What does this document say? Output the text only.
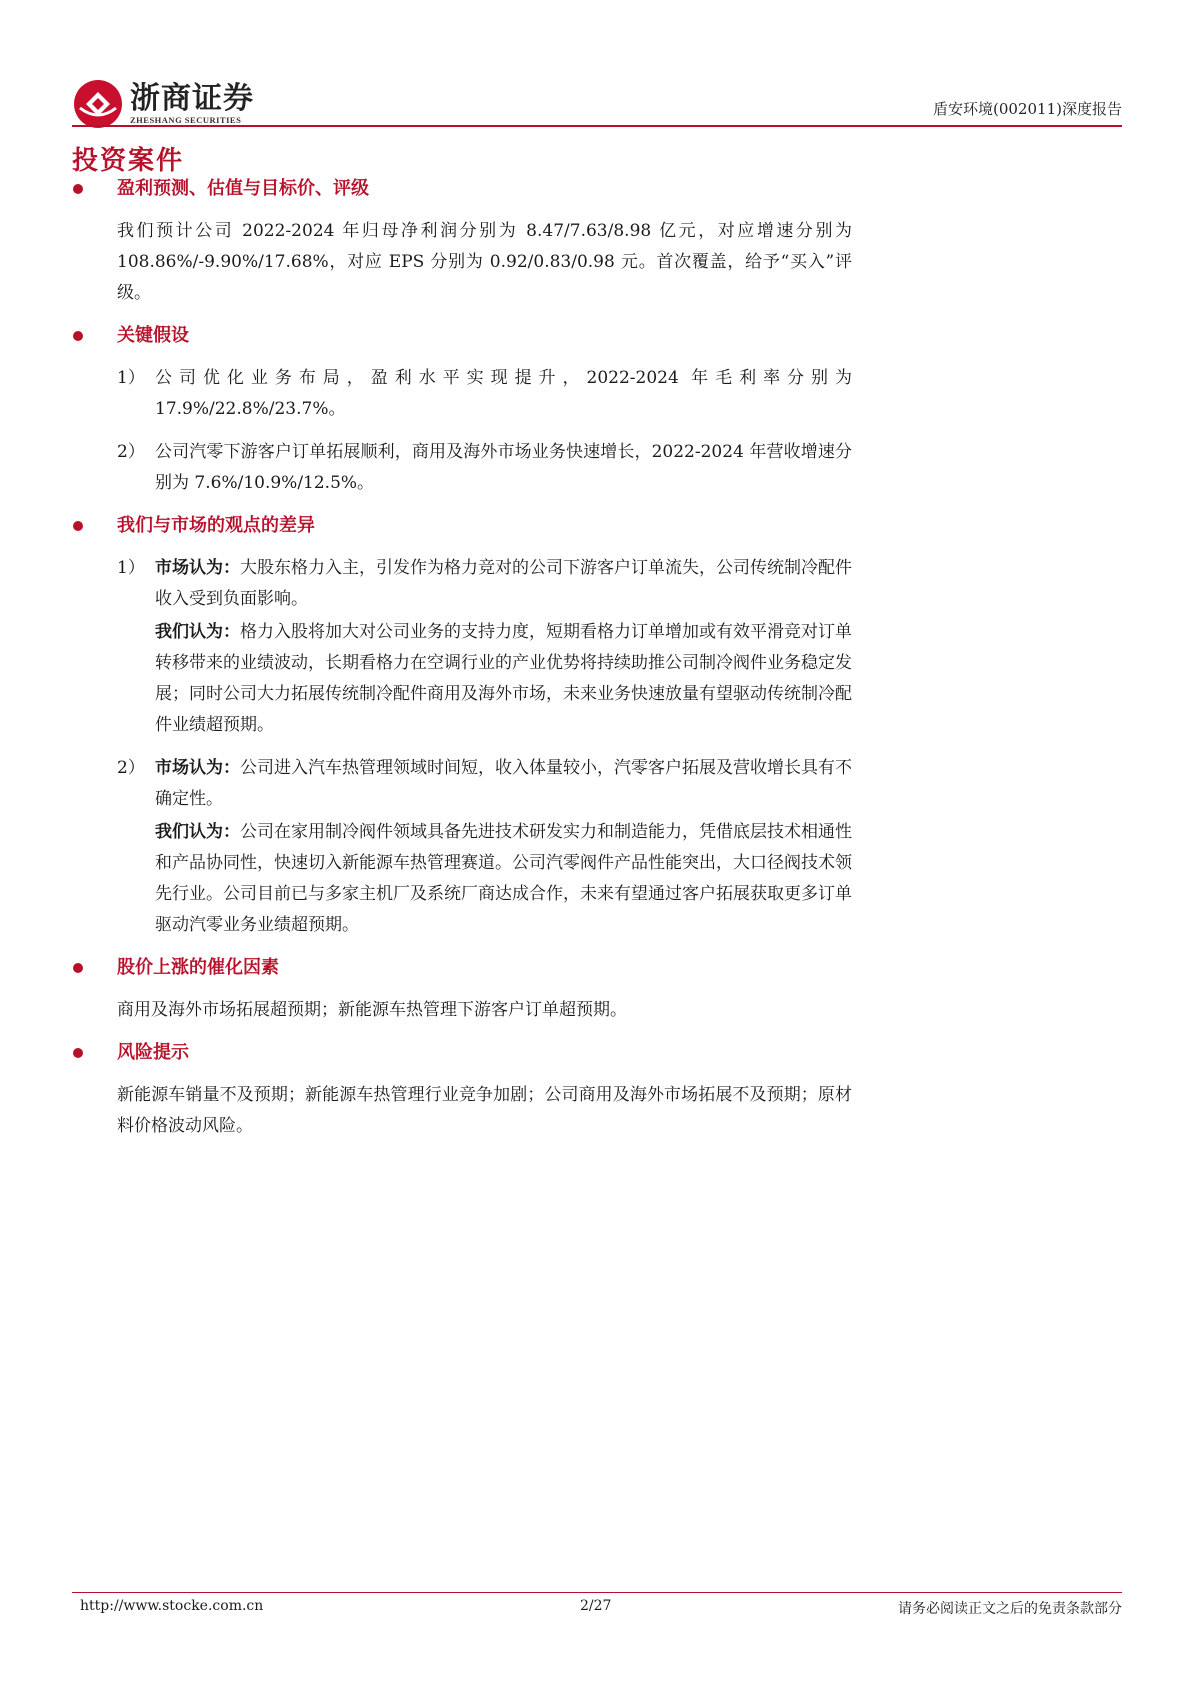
浙商证券
ZHESHANG SECURITIES
盾安环境(002011)深度报告
投资案件
盈利预测、估值与目标价、评级
我们预计公司 2022-2024 年归母净利润分别为 8.47/7.63/8.98 亿元，对应增速分别为 108.86%/-9.90%/17.68%，对应 EPS 分别为 0.92/0.83/0.98 元。首次覆盖，给予“买入”评级。
关键假设
1） 公司优化业务布局，盈利水平实现提升，2022-2024 年毛利率分别为 17.9%/22.8%/23.7%。
2） 公司汽零下游客户订单拓展顺利，商用及海外市场业务快速增长，2022-2024 年营收增速分别为 7.6%/10.9%/12.5%。
我们与市场的观点的差异
1） 市场认为：大股东格力入主，引发作为格力竞对的公司下游客户订单流失，公司传统制冷配件收入受到负面影响。

我们认为：格力入股将加大对公司业务的支持力度，短期看格力订单增加或有效平滑竞对订单转移带来的业绩波动，长期看格力在空调行业的产业优势将持续助推公司制冷阀件业务稳定发展；同时公司大力拓展传统制冷配件商用及海外市场，未来业务快速放量有望驱动传统制冷配件业绩超预期。

2） 市场认为：公司进入汽车热管理领域时间短，收入体量较小，汽零客户拓展及营收增长具有不确定性。

我们认为：公司在家用制冷阀件领域具备先进技术研发实力和制造能力，凭借底层技术相通性和产品协同性，快速切入新能源车热管理赛道。公司汽零阀件产品性能突出，大口径阀技术领先行业。公司目前已与多家主机厂及系统厂商达成合作，未来有望通过客户拓展获取更多订单驱动汽零业务业绩超预期。

股价上涨的催化因素
商用及海外市场拓展超预期；新能源车热管理下游客户订单超预期。
风险提示
新能源车销量不及预期；新能源车热管理行业竞争加剧；公司商用及海外市场拓展不及预期；原材料价格波动风险。
http://www.stocke.com.cn	2/27	请务必阅读正文之后的免责条款部分
